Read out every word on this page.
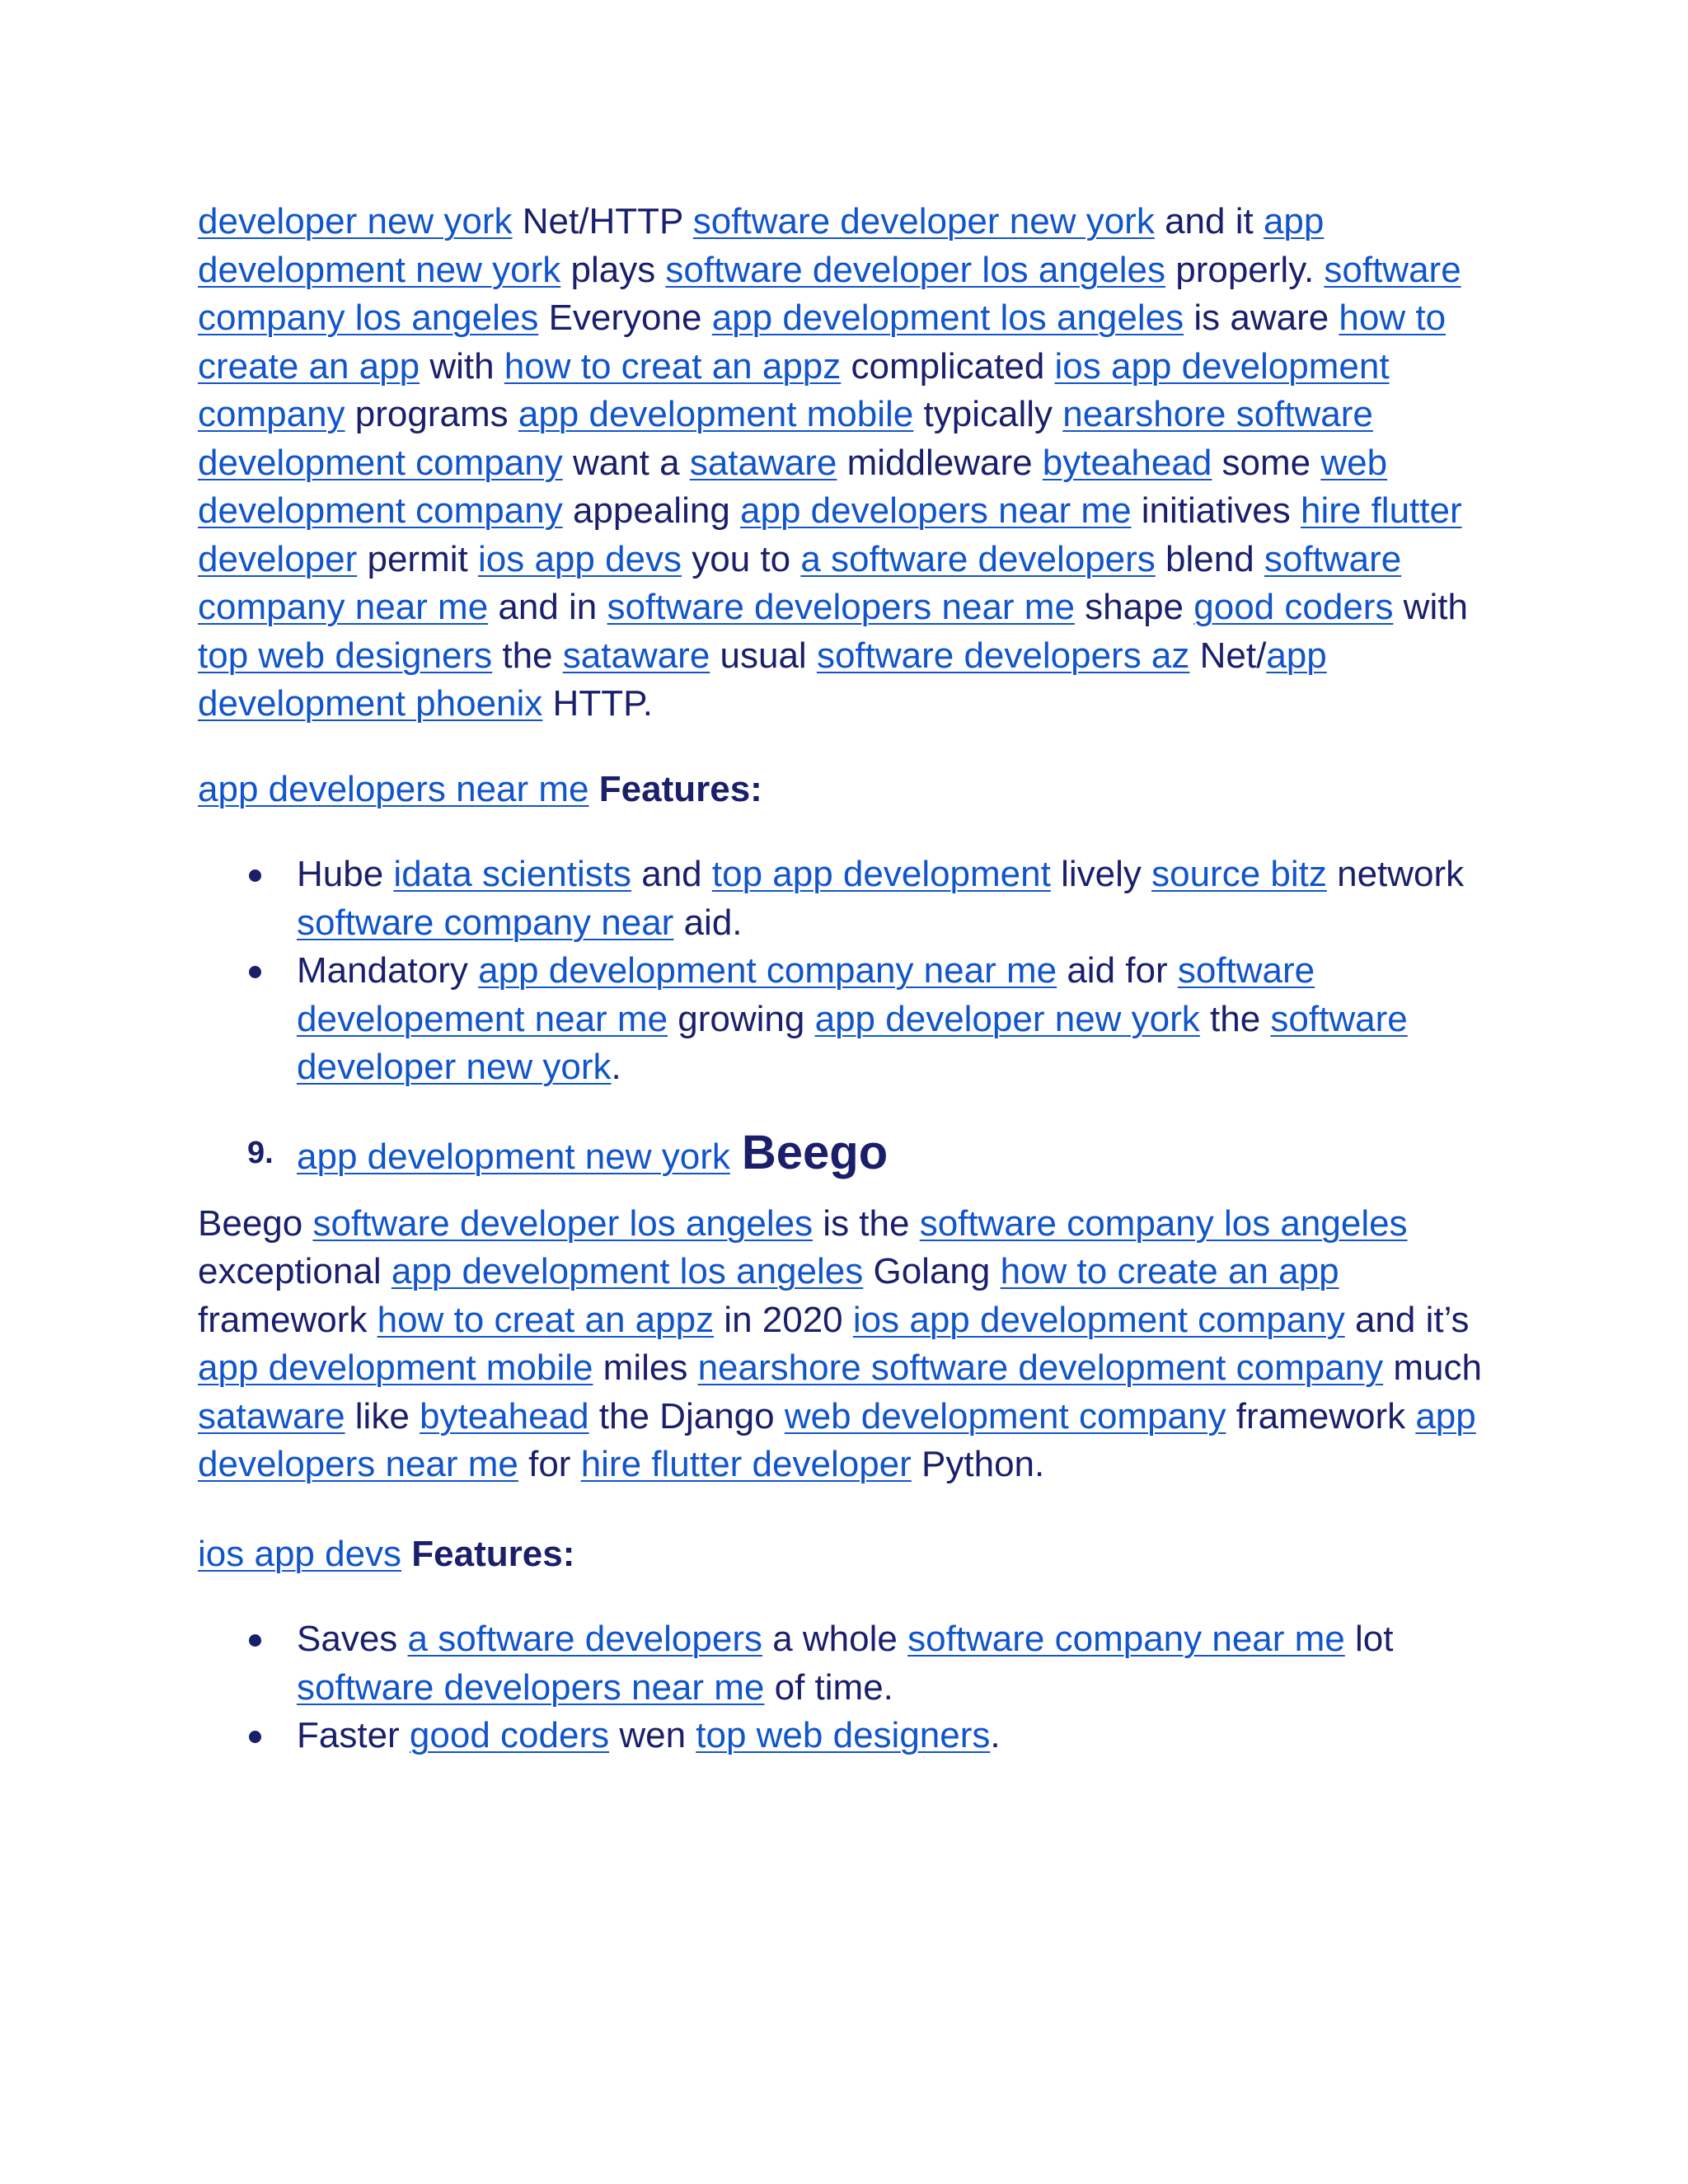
developer new york Net/HTTP software developer new york and it app development new york plays software developer los angeles properly. software company los angeles Everyone app development los angeles is aware how to create an app with how to creat an appz complicated ios app development company programs app development mobile typically nearshore software development company want a sataware middleware byteahead some web development company appealing app developers near me initiatives hire flutter developer permit ios app devs you to a software developers blend software company near me and in software developers near me shape good coders with top web designers the sataware usual software developers az Net/app development phoenix HTTP.

app developers near me Features:

Hube idata scientists and top app development lively source bitz network software company near aid.
Mandatory app development company near me aid for software developement near me growing app developer new york the software developer new york.
9. app development new york Beego

Beego software developer los angeles is the software company los angeles exceptional app development los angeles Golang how to create an app framework how to creat an appz in 2020 ios app development company and it’s app development mobile miles nearshore software development company much sataware like byteahead the Django web development company framework app developers near me for hire flutter developer Python.

ios app devs Features:

Saves a software developers a whole software company near me lot software developers near me of time.
Faster good coders wen top web designers.
